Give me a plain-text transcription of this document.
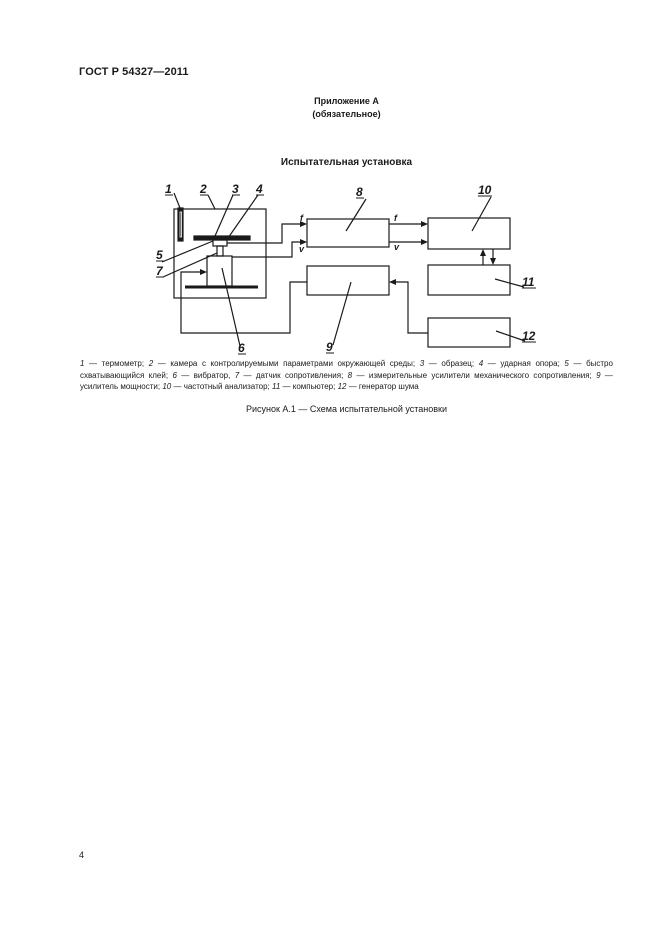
ГОСТ Р 54327—2011
Приложение А
(обязательное)
Испытательная установка
1 2 3 4
5
6
7
8
9
10
11
12
f
v
f
v
1 — термометр; 2 — камера с контролируемыми параметрами окружающей среды; 3 — образец; 4 — ударная опора; 5 — быстро схватывающийся клей; 6 — вибратор, 7 — датчик сопротивления; 8 — измерительные усилители механического сопротивления; 9 — усилитель мощности; 10 — частотный анализатор; 11 — компьютер; 12 — генератор шума
Рисунок А.1 — Схема испытательной установки
4
